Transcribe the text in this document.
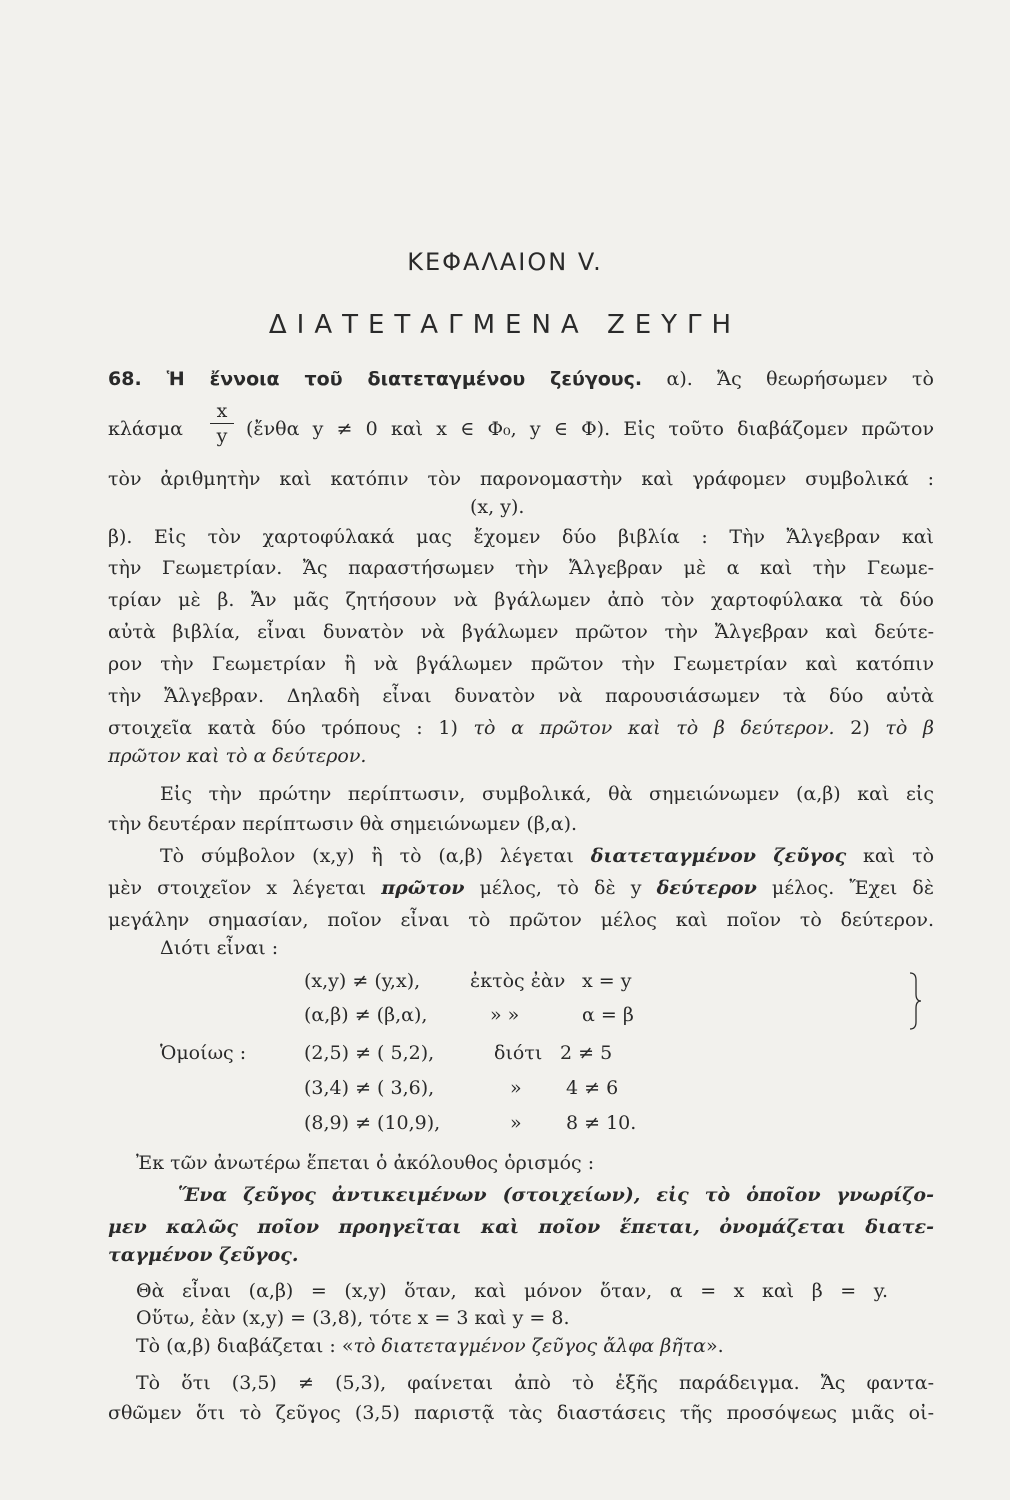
ΚΕΦΑΛΑΙΟΝ V.
ΔΙΑΤΕΤΑΓΜΕΝΑ ΖΕΥΓΗ
68. Ἡ ἔννοια τοῦ διατεταγμένου ζεύγους. α). Ἄς θεωρήσωμεν τὸ
κλάσμα
x
y (ἔνθα y ≠ 0 καὶ x ∈ Φ₀, y ∈ Φ). Εἰς τοῦτο διαβάζομεν πρῶτον
τὸν ἀριθμητὴν καὶ κατόπιν τὸν παρονομαστὴν καὶ γράφομεν συμβολικά :
(x, y).
β). Εἰς τὸν χαρτοφύλακά μας ἔχομεν δύο βιβλία : Τὴν Ἄλγεβραν καὶ
τὴν Γεωμετρίαν. Ἄς παραστήσωμεν τὴν Ἄλγεβραν μὲ α καὶ τὴν Γεωμε-
τρίαν μὲ β. Ἄν μᾶς ζητήσουν νὰ βγάλωμεν ἀπὸ τὸν χαρτοφύλακα τὰ δύο
αὐτὰ βιβλία, εἶναι δυνατὸν νὰ βγάλωμεν πρῶτον τὴν Ἄλγεβραν καὶ δεύτε-
ρον τὴν Γεωμετρίαν ἢ νὰ βγάλωμεν πρῶτον τὴν Γεωμετρίαν καὶ κατόπιν
τὴν Ἄλγεβραν. Δηλαδὴ εἶναι δυνατὸν νὰ παρουσιάσωμεν τὰ δύο αὐτὰ
στοιχεῖα κατὰ δύο τρόπους : 1) τὸ α πρῶτον καὶ τὸ β δεύτερον. 2) τὸ β
πρῶτον καὶ τὸ α δεύτερον.
Εἰς τὴν πρώτην περίπτωσιν, συμβολικά, θὰ σημειώνωμεν (α,β) καὶ εἰς
τὴν δευτέραν περίπτωσιν θὰ σημειώνωμεν (β,α).
Τὸ σύμβολον (x,y) ἢ τὸ (α,β) λέγεται διατεταγμένον ζεῦγος καὶ τὸ
μὲν στοιχεῖον x λέγεται πρῶτον μέλος, τὸ δὲ y δεύτερον μέλος. Ἔχει δὲ
μεγάλην σημασίαν, ποῖον εἶναι τὸ πρῶτον μέλος καὶ ποῖον τὸ δεύτερον.
Διότι εἶναι :
(x,y) ≠ (y,x),	ἐκτὸς ἐὰν x = y
(α,β) ≠ (β,α),	» »	α = β
Ὁμοίως :	(2,5) ≠ ( 5,2),	διότι 2 ≠ 5
(3,4) ≠ ( 3,6),	» 4 ≠ 6
(8,9) ≠ (10,9),	» 8 ≠ 10.
Ἐκ τῶν ἀνωτέρω ἕπεται ὁ ἀκόλουθος ὁρισμός :
Ἕνα ζεῦγος ἀντικειμένων (στοιχείων), εἰς τὸ ὁποῖον γνωρίζο-
μεν καλῶς ποῖον προηγεῖται καὶ ποῖον ἕπεται, ὀνομάζεται διατε-
ταγμένον ζεῦγος.
Θὰ εἶναι (α,β) = (x,y) ὅταν, καὶ μόνον ὅταν, α = x καὶ β = y.
Οὕτω, ἐὰν (x,y) = (3,8), τότε x = 3 καὶ y = 8.
Τὸ (α,β) διαβάζεται : «τὸ διατεταγμένον ζεῦγος ἄλφα βῆτα».
Τὸ ὅτι (3,5) ≠ (5,3), φαίνεται ἀπὸ τὸ ἑξῆς παράδειγμα. Ἄς φαντα-
σθῶμεν ὅτι τὸ ζεῦγος (3,5) παριστᾷ τὰς διαστάσεις τῆς προσόψεως μιᾶς οἰ-
